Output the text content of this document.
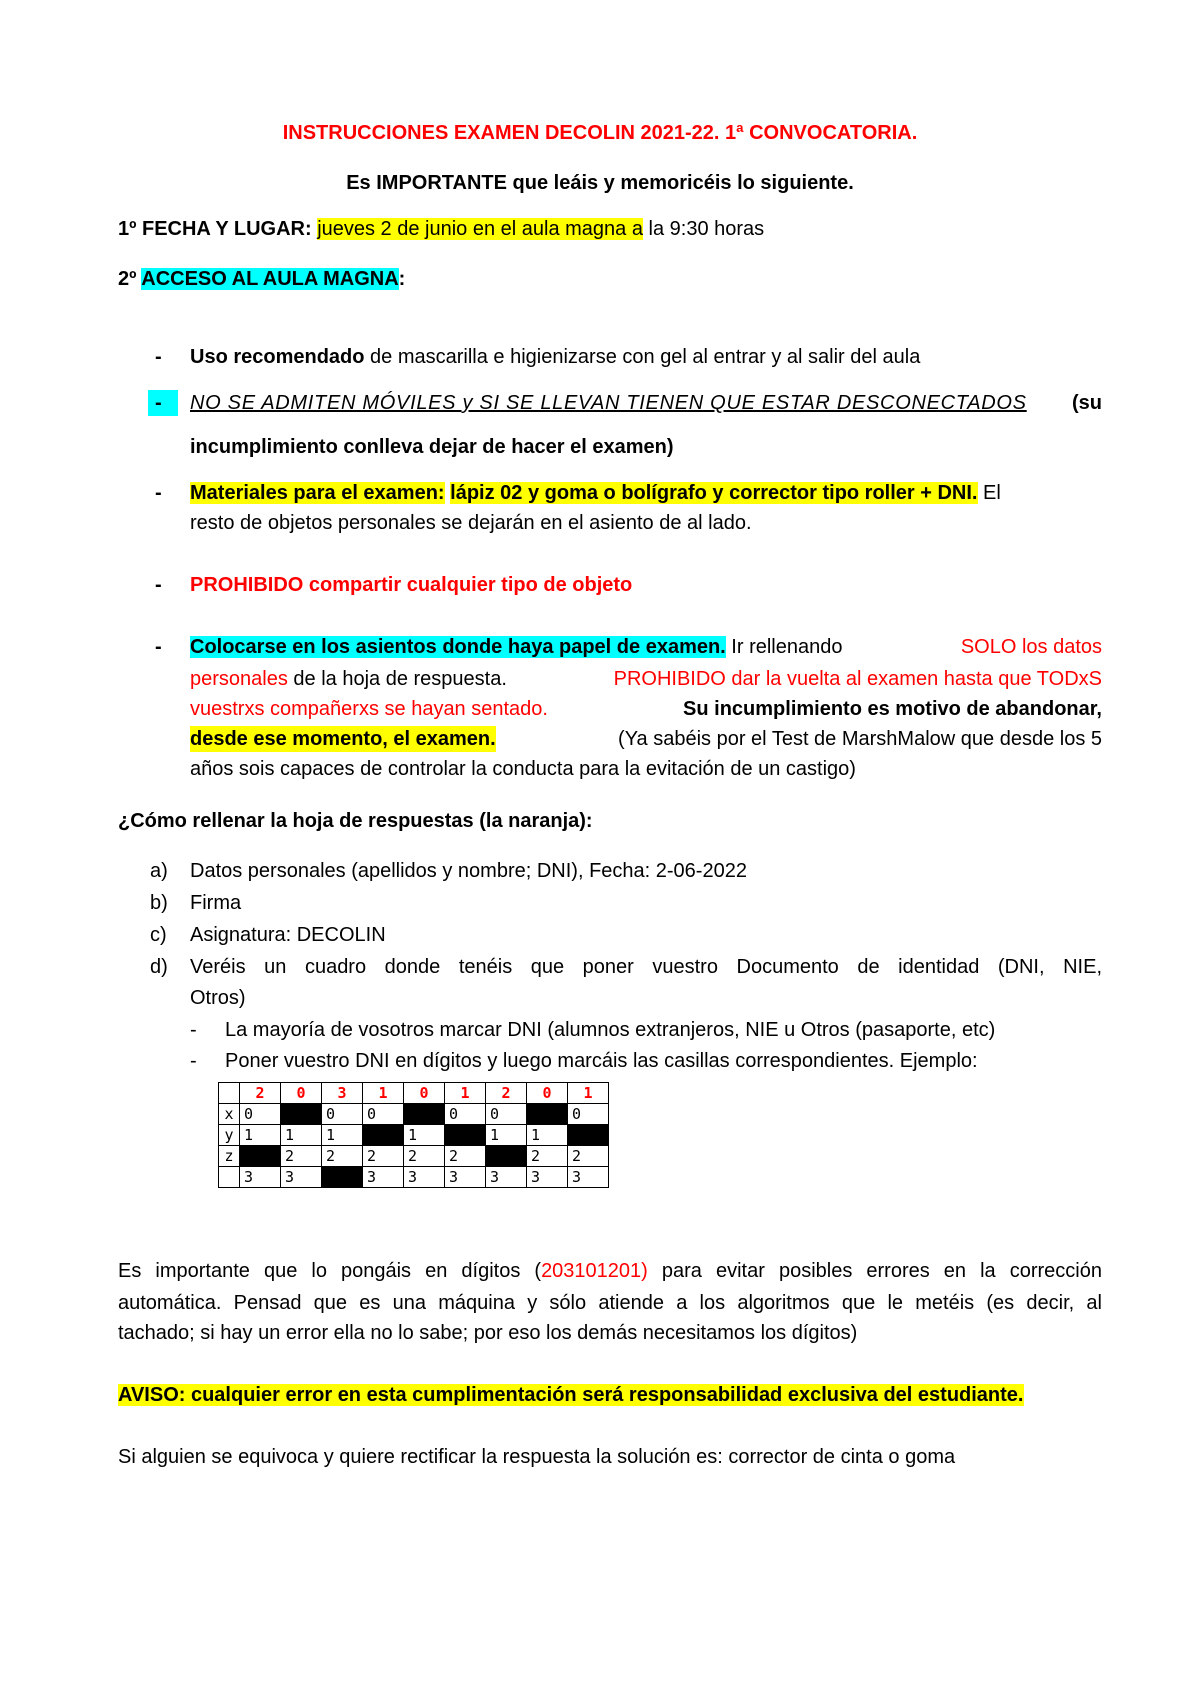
INSTRUCCIONES EXAMEN DECOLIN 2021-22. 1ª CONVOCATORIA.
Es IMPORTANTE que leáis y memoricéis lo siguiente.
1º FECHA Y LUGAR: jueves 2 de junio en el aula magna a la 9:30 horas
2º ACCESO AL AULA MAGNA:
- Uso recomendado de mascarilla e higienizarse con gel al entrar y al salir del aula
- NO SE ADMITEN MÓVILES y SI SE LLEVAN TIENEN QUE ESTAR DESCONECTADOS (su
incumplimiento conlleva dejar de hacer el examen)
- Materiales para el examen: lápiz 02 y goma o bolígrafo y corrector tipo roller + DNI. El
resto de objetos personales se dejarán en el asiento de al lado.
- PROHIBIDO compartir cualquier tipo de objeto
- Colocarse en los asientos donde haya papel de examen. Ir rellenando	SOLO los datos
personales de la hoja de respuesta.	PROHIBIDO dar la vuelta al examen hasta que TODxS
vuestrxs compañerxs se hayan sentado.	Su incumplimiento es motivo de abandonar,
desde ese momento, el examen.	(Ya sabéis por el Test de MarshMalow que desde los 5
años sois capaces de controlar la conducta para la evitación de un castigo)
¿Cómo rellenar la hoja de respuestas (la naranja):
a) Datos personales (apellidos y nombre; DNI), Fecha: 2-06-2022
b) Firma
c) Asignatura: DECOLIN
d) Veréis un cuadro donde tenéis que poner vuestro Documento de identidad (DNI, NIE,
Otros)
- La mayoría de vosotros marcar DNI (alumnos extranjeros, NIE u Otros (pasaporte, etc)
- Poner vuestro DNI en dígitos y luego marcáis las casillas correspondientes. Ejemplo:
	2	0	3	1	0	1	2	0	1
x	0		0	0		0	0		0
y	1	1	1		1		1	1	
z		2	2	2	2	2		2	2
	3	3		3	3	3	3	3	3
Es importante que lo pongáis en dígitos (203101201) para evitar posibles errores en la corrección
automática. Pensad que es una máquina y sólo atiende a los algoritmos que le metéis (es decir, al
tachado; si hay un error ella no lo sabe; por eso los demás necesitamos los dígitos)
AVISO: cualquier error en esta cumplimentación será responsabilidad exclusiva del estudiante.
Si alguien se equivoca y quiere rectificar la respuesta la solución es: corrector de cinta o goma
